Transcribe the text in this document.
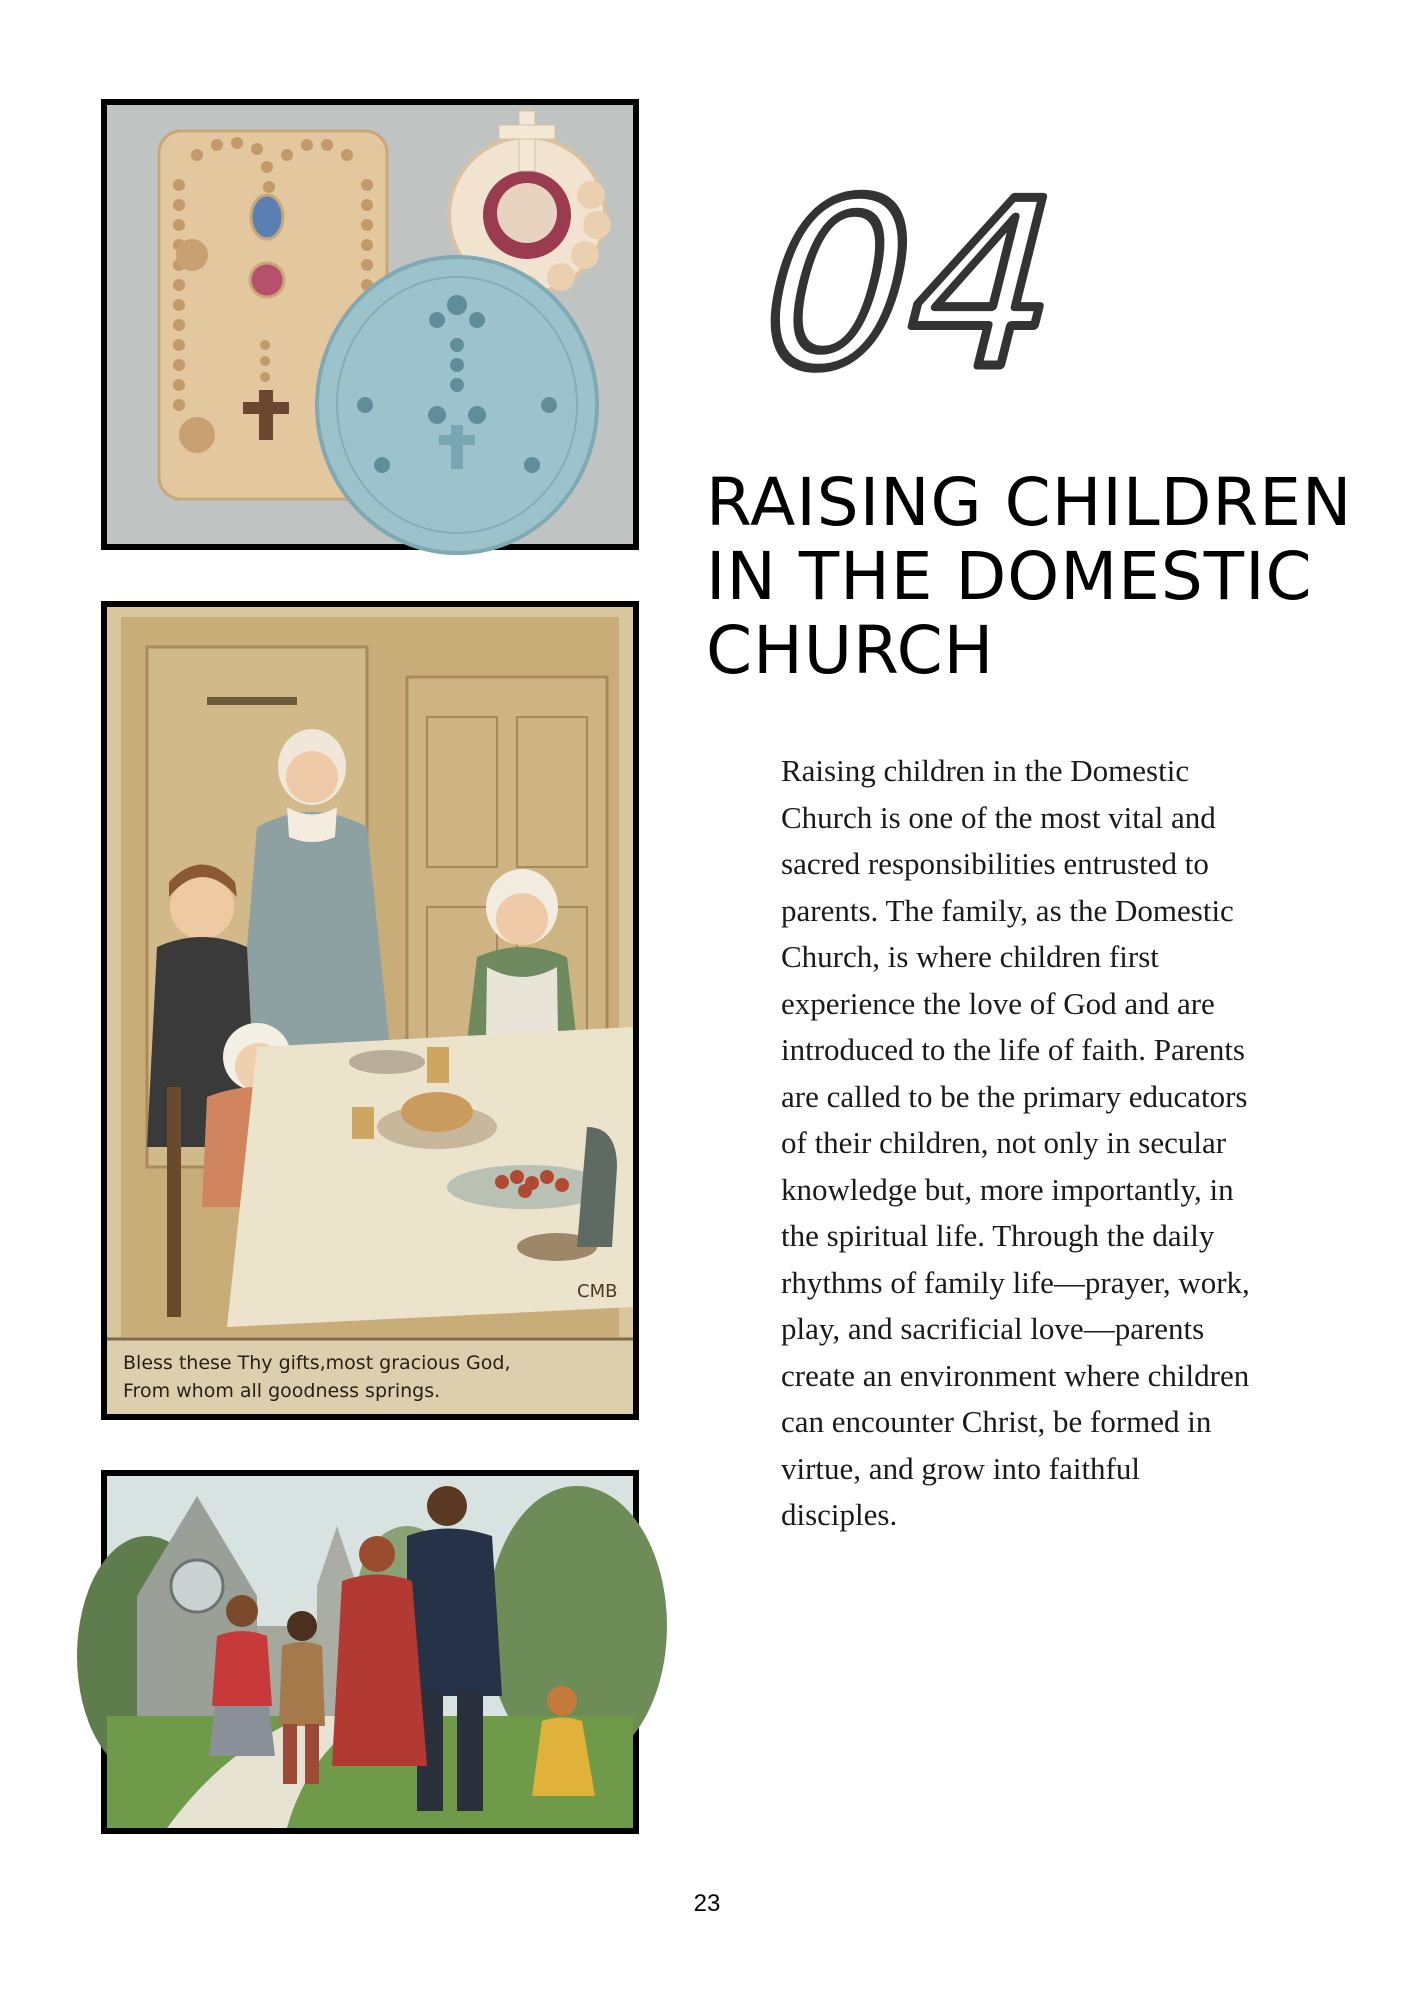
CMB
Bless these Thy gifts,most gracious God,
From whom all goodness springs.
04
RAISING CHILDREN IN THE DOMESTIC CHURCH

Raising children in the Domestic Church is one of the most vital and sacred responsibilities entrusted to parents. The family, as the Domestic Church, is where children first experience the love of God and are introduced to the life of faith. Parents are called to be the primary educators of their children, not only in secular knowledge but, more importantly, in the spiritual life. Through the daily rhythms of family life—prayer, work, play, and sacrificial love—parents create an environment where children can encounter Christ, be formed in virtue, and grow into faithful disciples.

23
